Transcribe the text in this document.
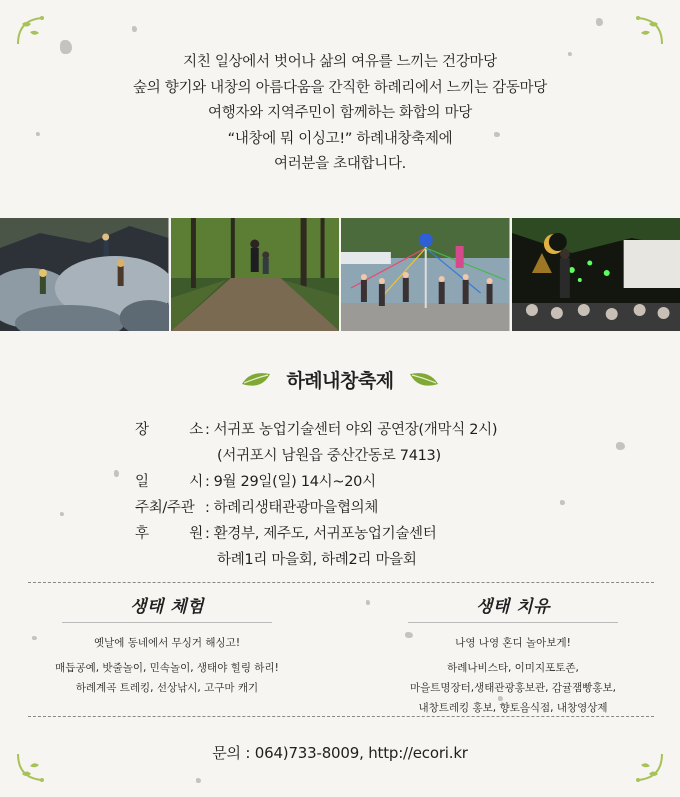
지친 일상에서 벗어나 삶의 여유를 느끼는 건강마당
숲의 향기와 내창의 아름다움을 간직한 하례리에서 느끼는 감동마당
여행자와 지역주민이 함께하는 화합의 마당
“내창에 뭐 이싱고!” 하례내창축제에
여러분을 초대합니다.
하례내창축제
장	소 : 서귀포 농업기술센터 야외 공연장(개막식 2시)
(서귀포시 남원읍 중산간동로 7413)
일	시 : 9월 29일(일) 14시~20시
주최/주관 : 하례리생태관광마을협의체
후	원 : 환경부, 제주도, 서귀포농업기술센터
하례1리 마을회, 하례2리 마을회
생태 체험
옛날에 동네에서 무싱거 해싱고!
매듭공예, 밧줄놀이, 민속놀이, 생태야 힐링 하리!
하례계곡 트레킹, 선상낚시, 고구마 캐기
생태 치유
나영 나영 혼디 놀아보게!
하례나비스타, 이미지포토존,
마을트명장터,생태관광홍보관, 감귤잼빵홍보,
내창트레킹 홍보, 향토음식점, 내창영상제
문의 : 064)733-8009, http://ecori.kr
